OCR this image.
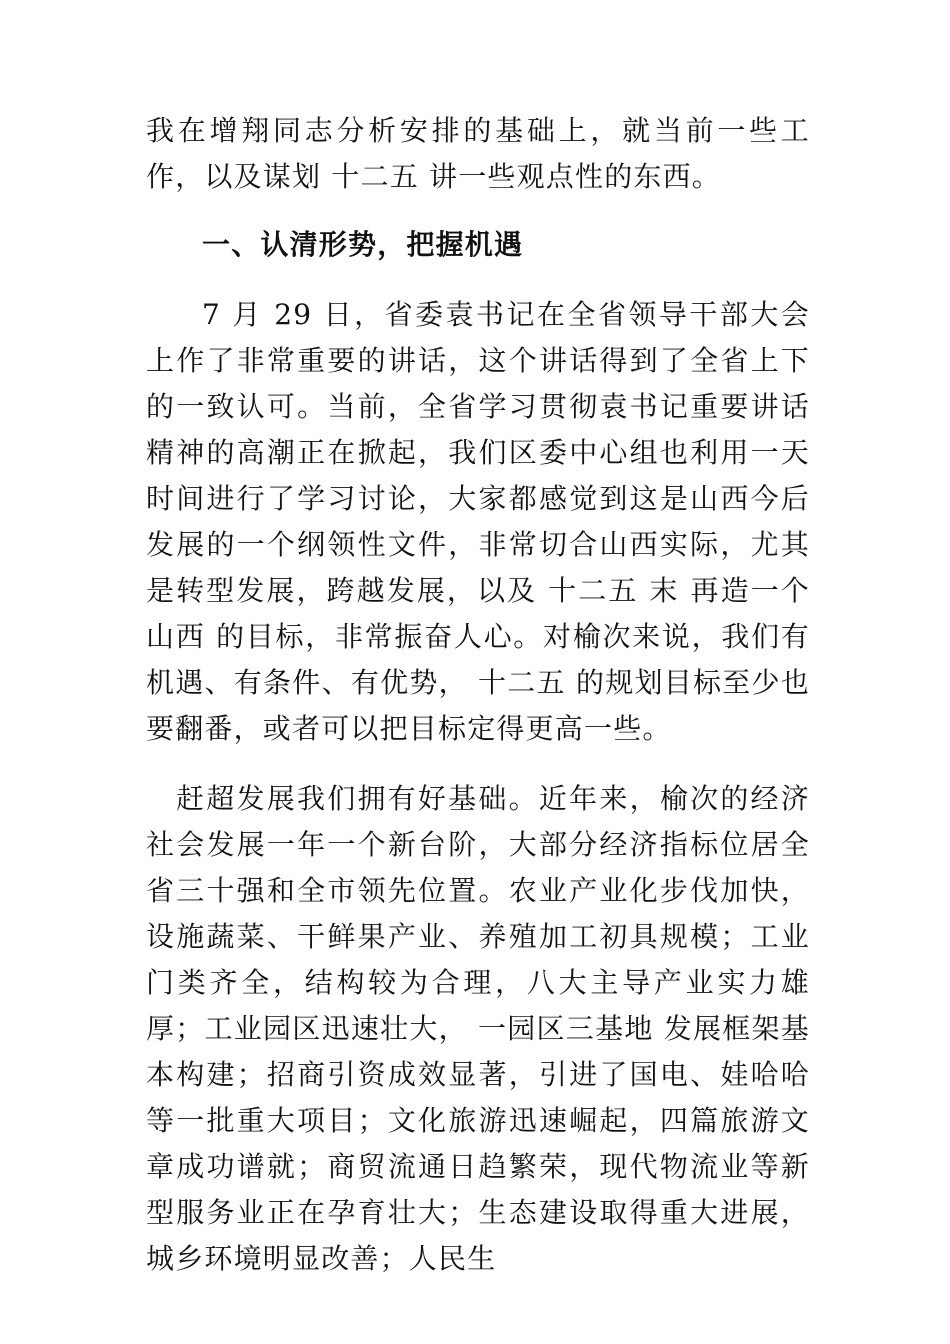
我在增翔同志分析安排的基础上，就当前一些工作，以及谋划 十二五 讲一些观点性的东西。

一、认清形势，把握机遇

7 月 29 日，省委袁书记在全省领导干部大会上作了非常重要的讲话，这个讲话得到了全省上下的一致认可。当前，全省学习贯彻袁书记重要讲话精神的高潮正在掀起，我们区委中心组也利用一天时间进行了学习讨论，大家都感觉到这是山西今后发展的一个纲领性文件，非常切合山西实际，尤其是转型发展，跨越发展，以及 十二五 末 再造一个山西 的目标，非常振奋人心。对榆次来说，我们有机遇、有条件、有优势， 十二五 的规划目标至少也要翻番，或者可以把目标定得更高一些。

赶超发展我们拥有好基础。近年来，榆次的经济社会发展一年一个新台阶，大部分经济指标位居全省三十强和全市领先位置。农业产业化步伐加快，设施蔬菜、干鲜果产业、养殖加工初具规模；工业门类齐全，结构较为合理，八大主导产业实力雄厚；工业园区迅速壮大， 一园区三基地 发展框架基本构建；招商引资成效显著，引进了国电、娃哈哈等一批重大项目；文化旅游迅速崛起，四篇旅游文章成功谱就；商贸流通日趋繁荣，现代物流业等新型服务业正在孕育壮大；生态建设取得重大进展，城乡环境明显改善；人民生
